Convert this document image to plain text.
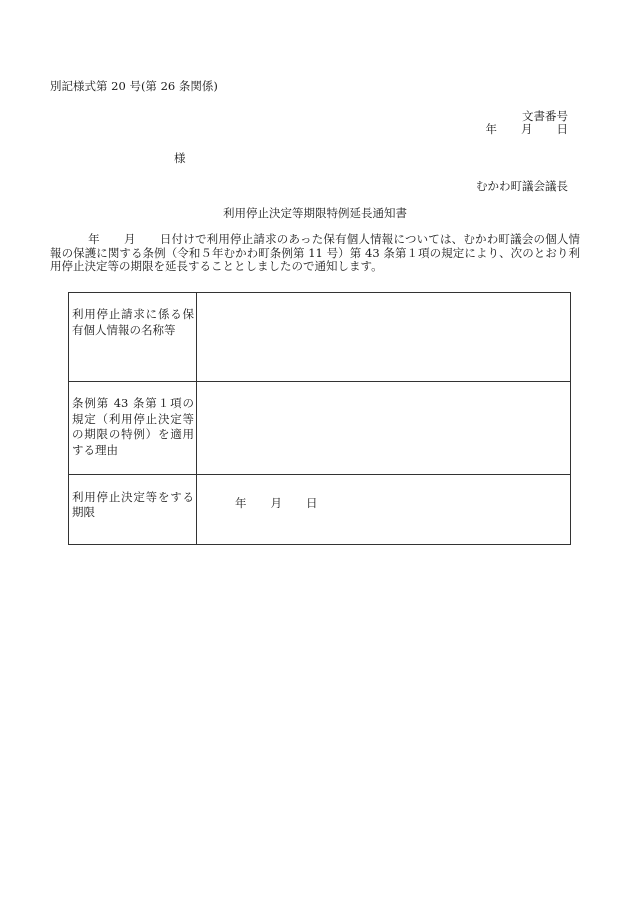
別記様式第 20 号(第 26 条関係)
文書番号
年 月 日
様
むかわ町議会議長
利用停止決定等期限特例延長通知書
年 月 日付けで利用停止請求のあった保有個人情報については、むかわ町議会の個人情報の保護に関する条例（令和５年むかわ町条例第 11 号）第 43 条第１項の規定により、次のとおり利用停止決定等の期限を延長することとしましたので通知します。
利用停止請求に係る保有個人情報の名称等	
条例第 43 条第１項の規定（利用停止決定等の期限の特例）を適用する理由	
利用停止決定等をする期限	年 月 日
